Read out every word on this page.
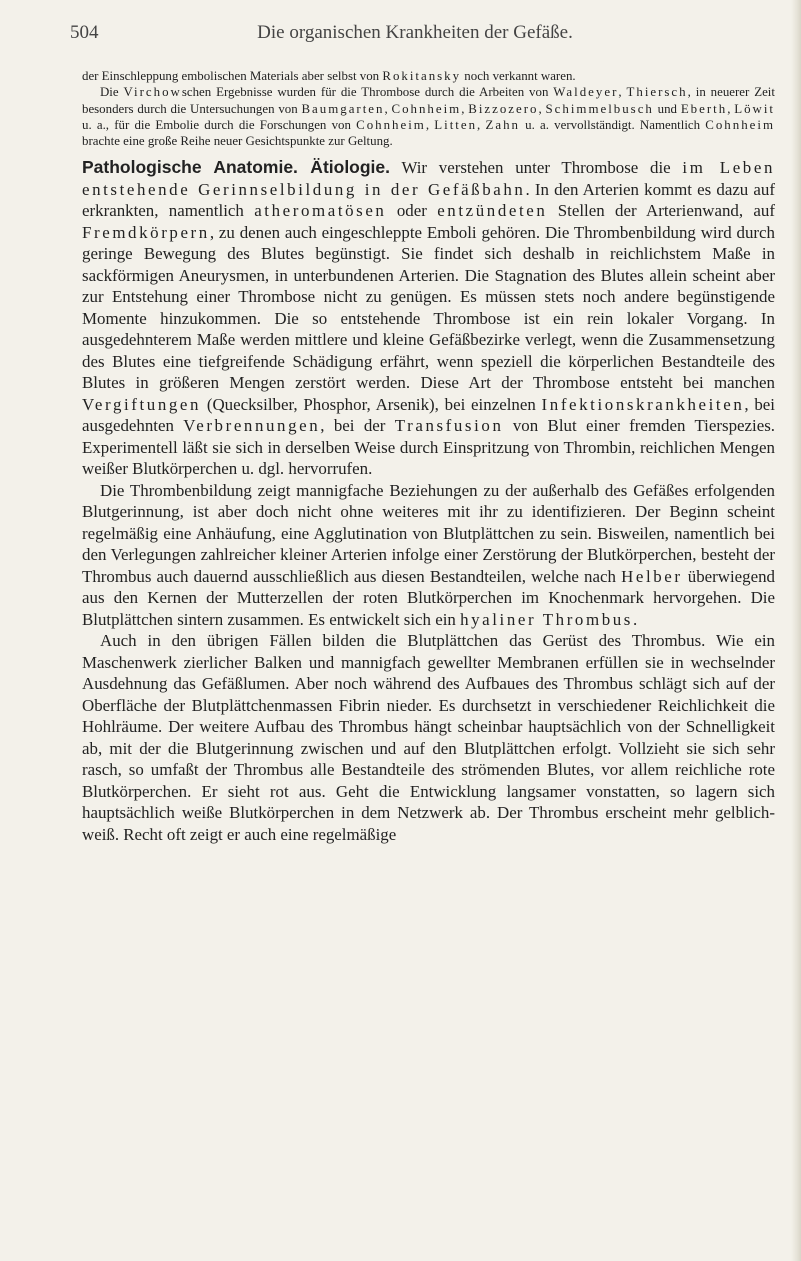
504	Die organischen Krankheiten der Gefäße.

der Einschleppung embolischen Materials aber selbst von Rokitansky noch verkannt waren.

Die Virchowschen Ergebnisse wurden für die Thrombose durch die Arbeiten von Waldeyer, Thiersch, in neuerer Zeit besonders durch die Untersuchungen von Baumgarten, Cohnheim, Bizzozero, Schimmelbusch und Eberth, Löwit u. a., für die Embolie durch die Forschungen von Cohnheim, Litten, Zahn u. a. vervollständigt. Namentlich Cohnheim brachte eine große Reihe neuer Gesichtspunkte zur Geltung.

Pathologische Anatomie. Ätiologie. Wir verstehen unter Thrombose die im Leben entstehende Gerinnselbildung in der Gefäßbahn. In den Arterien kommt es dazu auf erkrankten, namentlich atheromatösen oder entzündeten Stellen der Arterienwand, auf Fremdkörpern, zu denen auch eingeschleppte Emboli gehören. Die Thrombenbildung wird durch geringe Bewegung des Blutes begünstigt. Sie findet sich deshalb in reichlichstem Maße in sackförmigen Aneurysmen, in unterbundenen Arterien. Die Stagnation des Blutes allein scheint aber zur Entstehung einer Thrombose nicht zu genügen. Es müssen stets noch andere begünstigende Momente hinzukommen. Die so entstehende Thrombose ist ein rein lokaler Vorgang. In ausgedehnterem Maße werden mittlere und kleine Gefäßbezirke verlegt, wenn die Zusammensetzung des Blutes eine tiefgreifende Schädigung erfährt, wenn speziell die körperlichen Bestandteile des Blutes in größeren Mengen zerstört werden. Diese Art der Thrombose entsteht bei manchen Vergiftungen (Quecksilber, Phosphor, Arsenik), bei einzelnen Infektionskrankheiten, bei ausgedehnten Verbrennungen, bei der Transfusion von Blut einer fremden Tierspezies. Experimentell läßt sie sich in derselben Weise durch Einspritzung von Thrombin, reichlichen Mengen weißer Blutkörperchen u. dgl. hervorrufen.

Die Thrombenbildung zeigt mannigfache Beziehungen zu der außerhalb des Gefäßes erfolgenden Blutgerinnung, ist aber doch nicht ohne weiteres mit ihr zu identifizieren. Der Beginn scheint regelmäßig eine Anhäufung, eine Agglutination von Blutplättchen zu sein. Bisweilen, namentlich bei den Verlegungen zahlreicher kleiner Arterien infolge einer Zerstörung der Blutkörperchen, besteht der Thrombus auch dauernd ausschließlich aus diesen Bestandteilen, welche nach Helber überwiegend aus den Kernen der Mutterzellen der roten Blutkörperchen im Knochenmark hervorgehen. Die Blutplättchen sintern zusammen. Es entwickelt sich ein hyaliner Thrombus.

Auch in den übrigen Fällen bilden die Blutplättchen das Gerüst des Thrombus. Wie ein Maschenwerk zierlicher Balken und mannigfach gewellter Membranen erfüllen sie in wechselnder Ausdehnung das Gefäßlumen. Aber noch während des Aufbaues des Thrombus schlägt sich auf der Oberfläche der Blutplättchenmassen Fibrin nieder. Es durchsetzt in verschiedener Reichlichkeit die Hohlräume. Der weitere Aufbau des Thrombus hängt scheinbar hauptsächlich von der Schnelligkeit ab, mit der die Blutgerinnung zwischen und auf den Blutplättchen erfolgt. Vollzieht sie sich sehr rasch, so umfaßt der Thrombus alle Bestandteile des strömenden Blutes, vor allem reichliche rote Blutkörperchen. Er sieht rot aus. Geht die Entwicklung langsamer vonstatten, so lagern sich hauptsächlich weiße Blutkörperchen in dem Netzwerk ab. Der Thrombus erscheint mehr gelblich-weiß. Recht oft zeigt er auch eine regelmäßige
